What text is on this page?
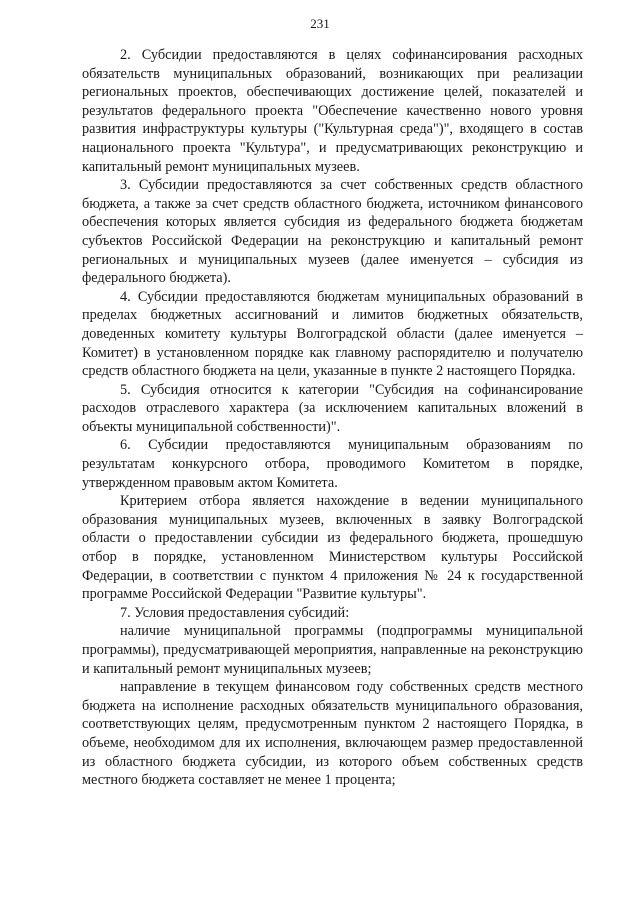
231

2. Субсидии предоставляются в целях софинансирования расходных обязательств муниципальных образований, возникающих при реализации региональных проектов, обеспечивающих достижение целей, показателей и результатов федерального проекта "Обеспечение качественно нового уровня развития инфраструктуры культуры ("Культурная среда")", входящего в состав национального проекта "Культура", и предусматривающих реконструкцию и капитальный ремонт муниципальных музеев.

3. Субсидии предоставляются за счет собственных средств областного бюджета, а также за счет средств областного бюджета, источником финансового обеспечения которых является субсидия из федерального бюджета бюджетам субъектов Российской Федерации на реконструкцию и капитальный ремонт региональных и муниципальных музеев (далее именуется – субсидия из федерального бюджета).

4. Субсидии предоставляются бюджетам муниципальных образований в пределах бюджетных ассигнований и лимитов бюджетных обязательств, доведенных комитету культуры Волгоградской области (далее именуется – Комитет) в установленном порядке как главному распорядителю и получателю средств областного бюджета на цели, указанные в пункте 2 настоящего Порядка.

5. Субсидия относится к категории "Субсидия на софинансирование расходов отраслевого характера (за исключением капитальных вложений в объекты муниципальной собственности)".

6. Субсидии предоставляются муниципальным образованиям по результатам конкурсного отбора, проводимого Комитетом в порядке, утвержденном правовым актом Комитета.

Критерием отбора является нахождение в ведении муниципального образования муниципальных музеев, включенных в заявку Волгоградской области о предоставлении субсидии из федерального бюджета, прошедшую отбор в порядке, установленном Министерством культуры Российской Федерации, в соответствии с пунктом 4 приложения № 24 к государственной программе Российской Федерации "Развитие культуры".

7. Условия предоставления субсидий:

наличие муниципальной программы (подпрограммы муниципальной программы), предусматривающей мероприятия, направленные на реконструкцию и капитальный ремонт муниципальных музеев;

направление в текущем финансовом году собственных средств местного бюджета на исполнение расходных обязательств муниципального образования, соответствующих целям, предусмотренным пунктом 2 настоящего Порядка, в объеме, необходимом для их исполнения, включающем размер предоставленной из областного бюджета субсидии, из которого объем собственных средств местного бюджета составляет не менее 1 процента;
